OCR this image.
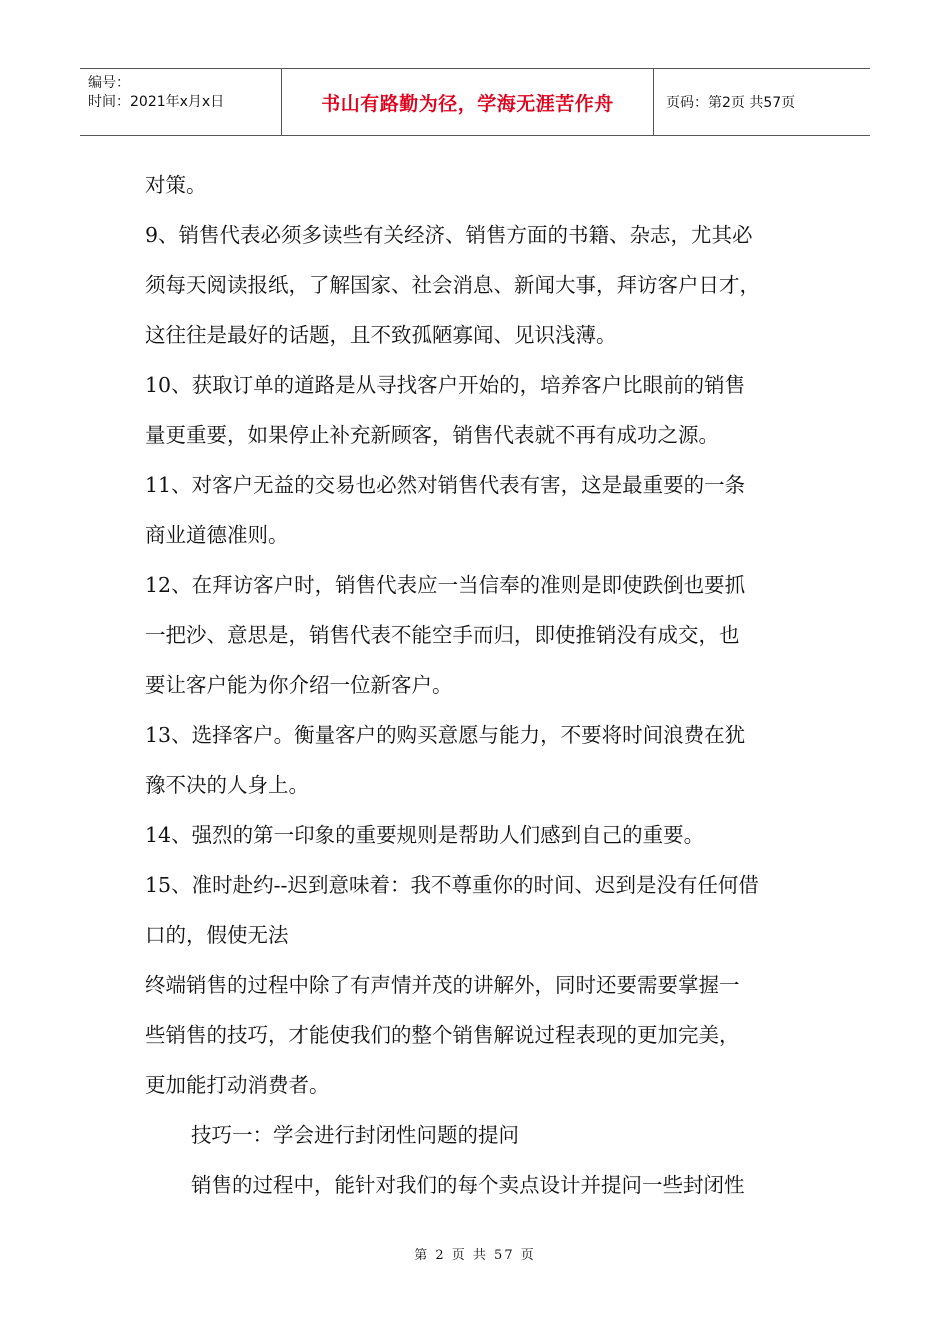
编号：
时间：2021年x月x日	书山有路勤为径，学海无涯苦作舟	页码：第2页 共57页
对策。
9、销售代表必须多读些有关经济、销售方面的书籍、杂志，尤其必
须每天阅读报纸，了解国家、社会消息、新闻大事，拜访客户日才，
这往往是最好的话题，且不致孤陋寡闻、见识浅薄。
10、获取订单的道路是从寻找客户开始的，培养客户比眼前的销售
量更重要，如果停止补充新顾客，销售代表就不再有成功之源。
11、对客户无益的交易也必然对销售代表有害，这是最重要的一条
商业道德准则。
12、在拜访客户时，销售代表应一当信奉的准则是即使跌倒也要抓
一把沙、意思是，销售代表不能空手而归，即使推销没有成交，也
要让客户能为你介绍一位新客户。
13、选择客户。衡量客户的购买意愿与能力，不要将时间浪费在犹
豫不决的人身上。
14、强烈的第一印象的重要规则是帮助人们感到自己的重要。
15、准时赴约--迟到意味着：我不尊重你的时间、迟到是没有任何借
口的，假使无法
终端销售的过程中除了有声情并茂的讲解外，同时还要需要掌握一
些销售的技巧，才能使我们的整个销售解说过程表现的更加完美，
更加能打动消费者。
技巧一：学会进行封闭性问题的提问
销售的过程中，能针对我们的每个卖点设计并提问一些封闭性
第 2 页 共 57 页
